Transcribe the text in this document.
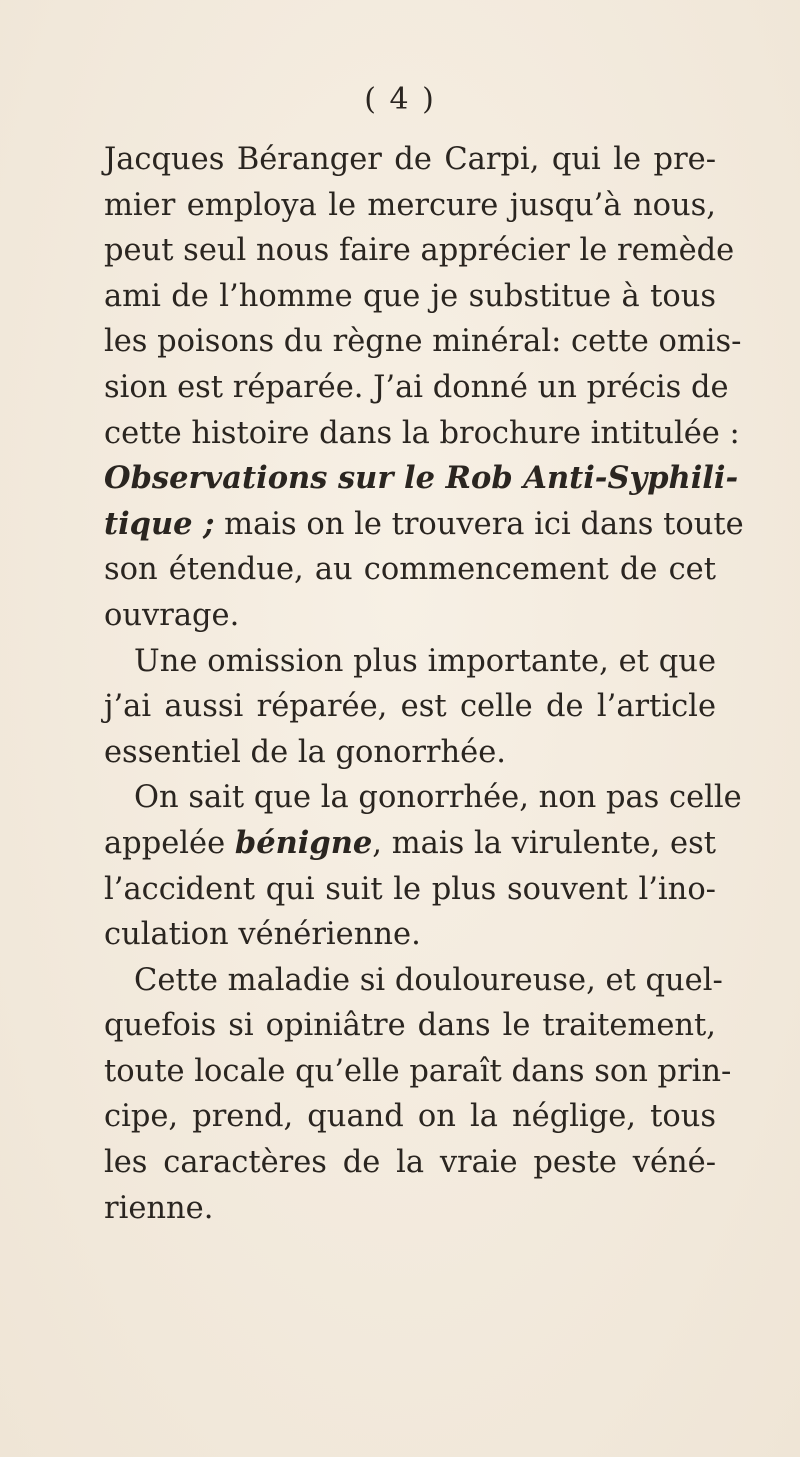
( 4 )
Jacques Béranger de Carpi, qui le pre-
mier employa le mercure jusqu’à nous,
peut seul nous faire apprécier le remède
ami de l’homme que je substitue à tous
les poisons du règne minéral: cette omis-
sion est réparée. J’ai donné un précis de
cette histoire dans la brochure intitulée :
Observations sur le Rob Anti-Syphili-
tique ; mais on le trouvera ici dans toute
son étendue, au commencement de cet
ouvrage.
Une omission plus importante, et que
j’ai aussi réparée, est celle de l’article
essentiel de la gonorrhée.
On sait que la gonorrhée, non pas celle
appelée bénigne, mais la virulente, est
l’accident qui suit le plus souvent l’ino-
culation vénérienne.
Cette maladie si douloureuse, et quel-
quefois si opiniâtre dans le traitement,
toute locale qu’elle paraît dans son prin-
cipe, prend, quand on la néglige, tous
les caractères de la vraie peste véné-
rienne.
